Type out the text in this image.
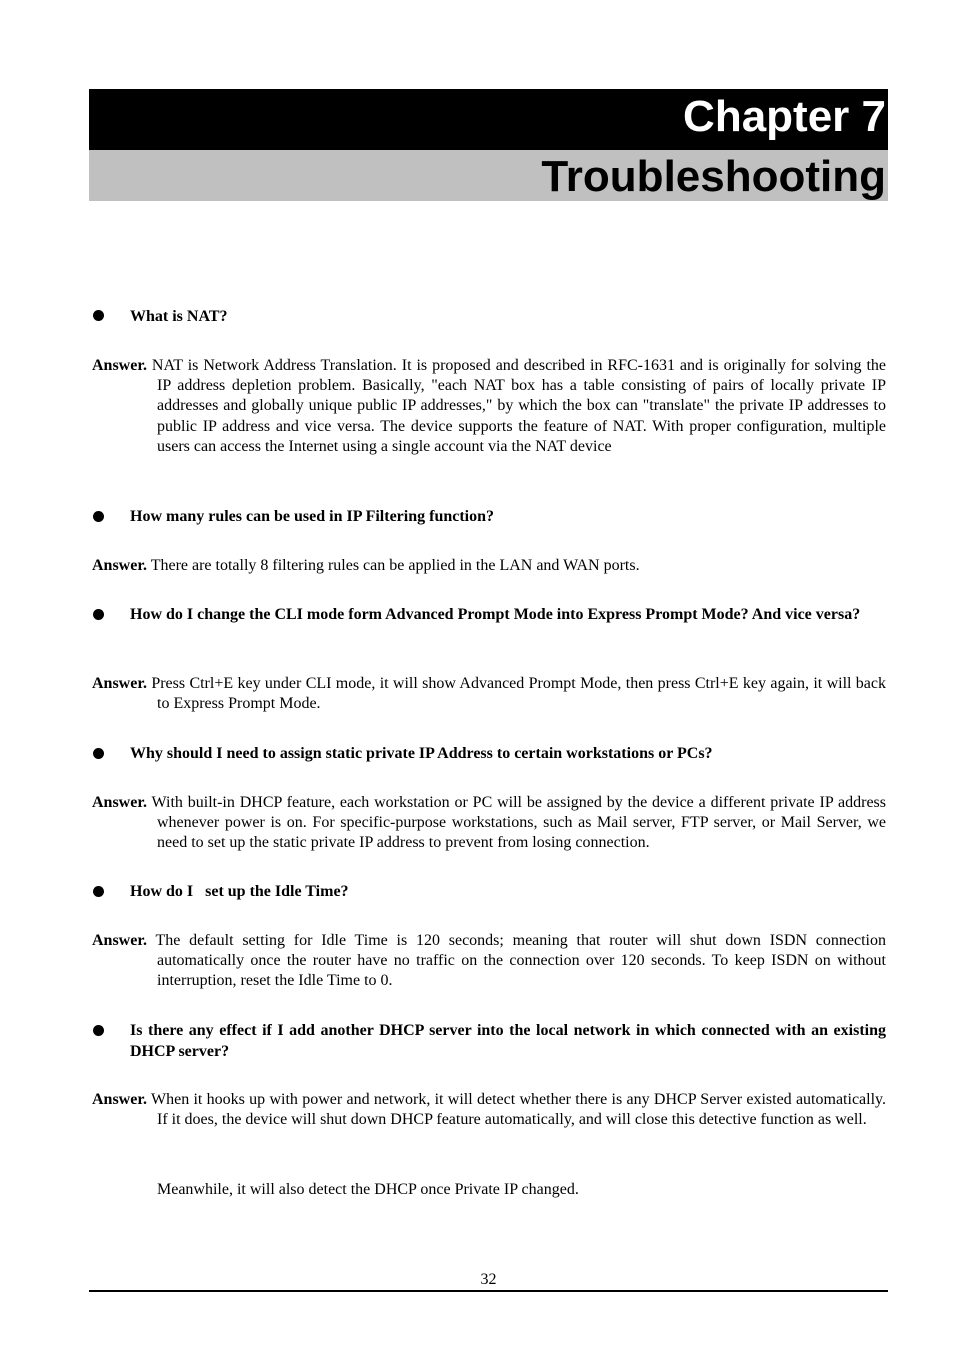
Chapter 7
Troubleshooting
What is NAT?
Answer. NAT is Network Address Translation. It is proposed and described in RFC-1631 and is originally for solving the IP address depletion problem. Basically, "each NAT box has a table consisting of pairs of locally private IP addresses and globally unique public IP addresses," by which the box can "translate" the private IP addresses to public IP address and vice versa. The device supports the feature of NAT. With proper configuration, multiple users can access the Internet using a single account via the NAT device
How many rules can be used in IP Filtering function?
Answer. There are totally 8 filtering rules can be applied in the LAN and WAN ports.
How do I change the CLI mode form Advanced Prompt Mode into Express Prompt Mode? And vice versa?
Answer. Press Ctrl+E key under CLI mode, it will show Advanced Prompt Mode, then press Ctrl+E key again, it will back to Express Prompt Mode.
Why should I need to assign static private IP Address to certain workstations or PCs?
Answer. With built-in DHCP feature, each workstation or PC will be assigned by the device a different private IP address whenever power is on. For specific-purpose workstations, such as Mail server, FTP server, or Mail Server, we need to set up the static private IP address to prevent from losing connection.
How do I   set up the Idle Time?
Answer. The default setting for Idle Time is 120 seconds; meaning that router will shut down ISDN connection automatically once the router have no traffic on the connection over 120 seconds. To keep ISDN on without interruption, reset the Idle Time to 0.
Is there any effect if I add another DHCP server into the local network in which connected with an existing DHCP server?
Answer. When it hooks up with power and network, it will detect whether there is any DHCP Server existed automatically. If it does, the device will shut down DHCP feature automatically, and will close this detective function as well.
Meanwhile, it will also detect the DHCP once Private IP changed.
32
